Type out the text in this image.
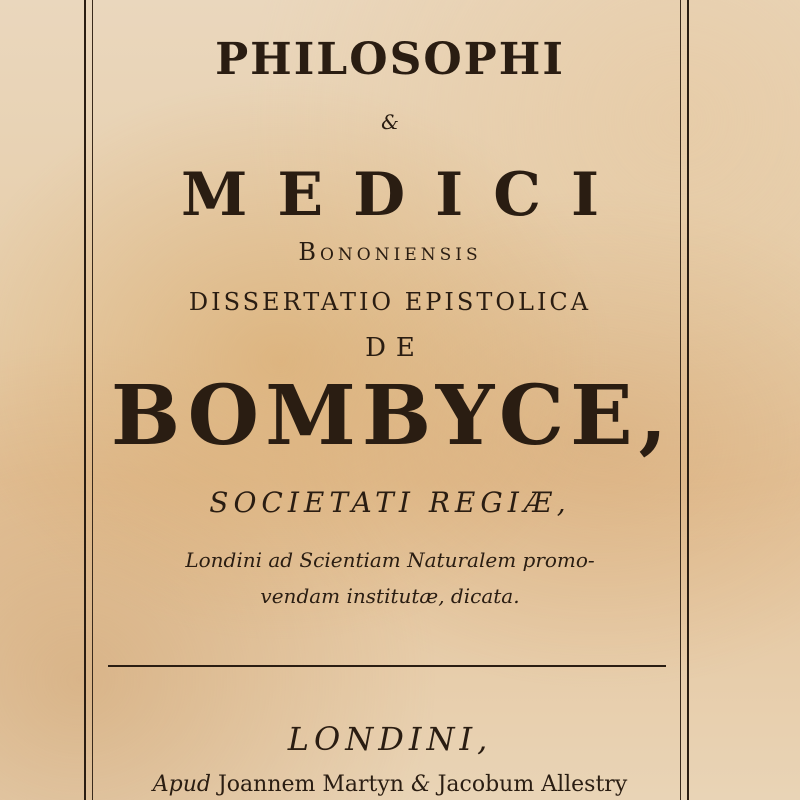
PHILOSOPHI
&
MEDICI
Bononiensis
DISSERTATIO EPISTOLICA
DE
BOMBYCE,
SOCIETATI REGIÆ,
Londini ad Scientiam Naturalem promo-
vendam institutæ, dicata.
LONDINI,
Apud Joannem Martyn & Jacobum Allestry
